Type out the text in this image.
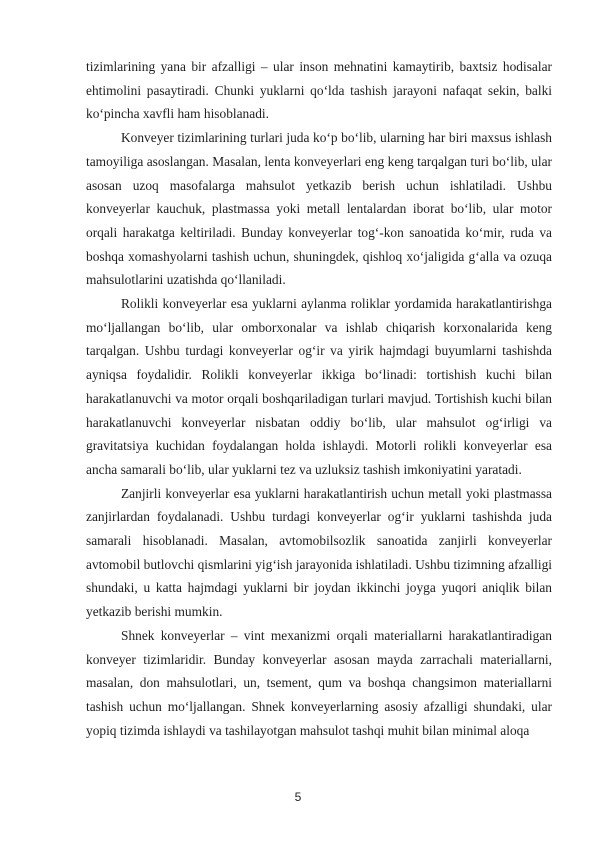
tizimlarining yana bir afzalligi – ular inson mehnatini kamaytirib, baxtsiz hodisalar ehtimolini pasaytiradi. Chunki yuklarni qo‘lda tashish jarayoni nafaqat sekin, balki ko‘pincha xavfli ham hisoblanadi.

Konveyer tizimlarining turlari juda ko‘p bo‘lib, ularning har biri maxsus ishlash tamoyiliga asoslangan. Masalan, lenta konveyerlari eng keng tarqalgan turi bo‘lib, ular asosan uzoq masofalarga mahsulot yetkazib berish uchun ishlatiladi. Ushbu konveyerlar kauchuk, plastmassa yoki metall lentalardan iborat bo‘lib, ular motor orqali harakatga keltiriladi. Bunday konveyerlar tog‘-kon sanoatida ko‘mir, ruda va boshqa xomashyolarni tashish uchun, shuningdek, qishloq xo‘jaligida g‘alla va ozuqa mahsulotlarini uzatishda qo‘llaniladi.

Rolikli konveyerlar esa yuklarni aylanma roliklar yordamida harakatlantirishga mo‘ljallangan bo‘lib, ular omborxonalar va ishlab chiqarish korxonalarida keng tarqalgan. Ushbu turdagi konveyerlar og‘ir va yirik hajmdagi buyumlarni tashishda ayniqsa foydalidir. Rolikli konveyerlar ikkiga bo‘linadi: tortishish kuchi bilan harakatlanuvchi va motor orqali boshqariladigan turlari mavjud. Tortishish kuchi bilan harakatlanuvchi konveyerlar nisbatan oddiy bo‘lib, ular mahsulot og‘irligi va gravitatsiya kuchidan foydalangan holda ishlaydi. Motorli rolikli konveyerlar esa ancha samarali bo‘lib, ular yuklarni tez va uzluksiz tashish imkoniyatini yaratadi.

Zanjirli konveyerlar esa yuklarni harakatlantirish uchun metall yoki plastmassa zanjirlardan foydalanadi. Ushbu turdagi konveyerlar og‘ir yuklarni tashishda juda samarali hisoblanadi. Masalan, avtomobilsozlik sanoatida zanjirli konveyerlar avtomobil butlovchi qismlarini yig‘ish jarayonida ishlatiladi. Ushbu tizimning afzalligi shundaki, u katta hajmdagi yuklarni bir joydan ikkinchi joyga yuqori aniqlik bilan yetkazib berishi mumkin.

Shnek konveyerlar – vint mexanizmi orqali materiallarni harakatlantiradigan konveyer tizimlaridir. Bunday konveyerlar asosan mayda zarrachali materiallarni, masalan, don mahsulotlari, un, tsement, qum va boshqa changsimon materiallarni tashish uchun mo‘ljallangan. Shnek konveyerlarning asosiy afzalligi shundaki, ular yopiq tizimda ishlaydi va tashilayotgan mahsulot tashqi muhit bilan minimal aloqa

5
